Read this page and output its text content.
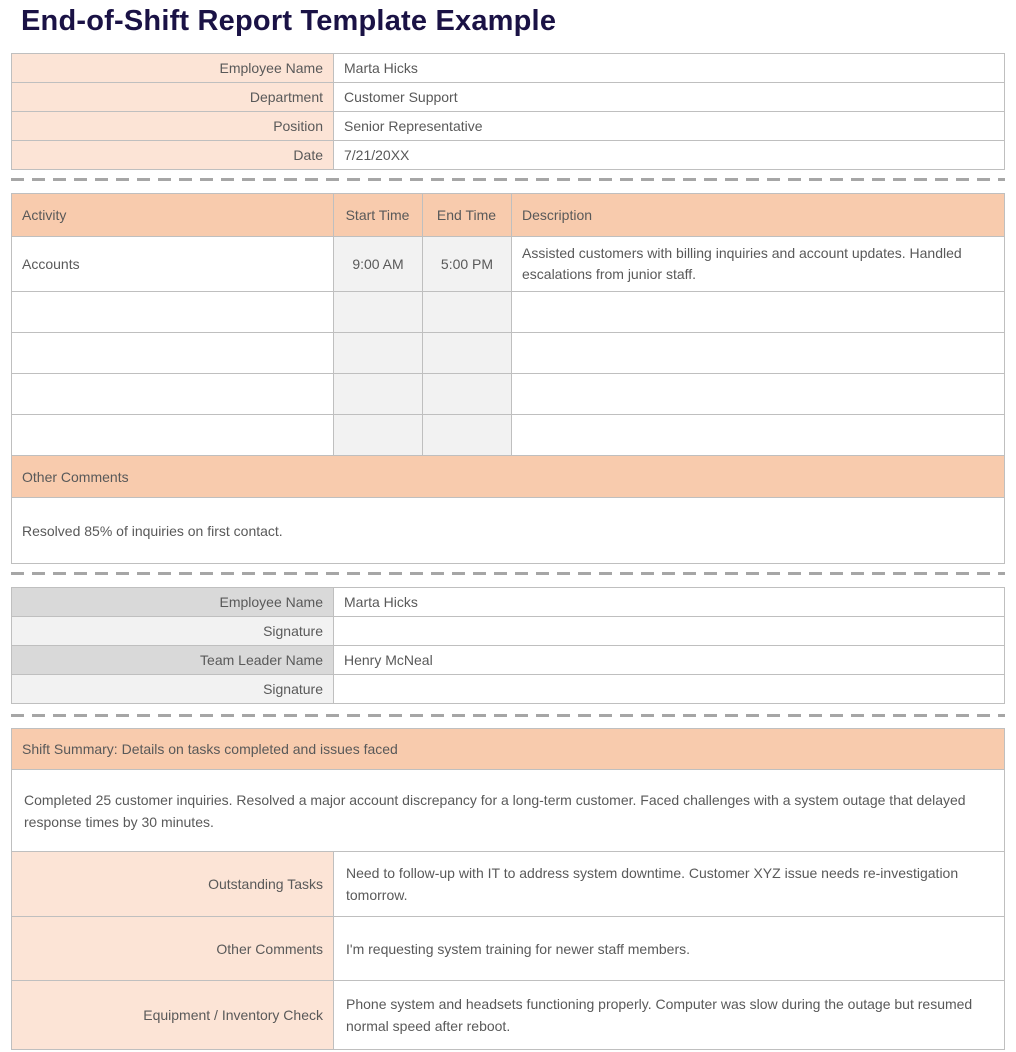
End-of-Shift Report Template Example
Employee Name	Marta Hicks
Department	Customer Support
Position	Senior Representative
Date	7/21/20XX
Activity	Start Time	End Time	Description
Accounts	9:00 AM	5:00 PM	Assisted customers with billing inquiries and account updates. Handled escalations from junior staff.

Other Comments			
Resolved 85% of inquiries on first contact.			
Employee Name	Marta Hicks
Signature	
Team Leader Name	Henry McNeal
Signature	
Shift Summary: Details on tasks completed and issues faced	
Completed 25 customer inquiries. Resolved a major account discrepancy for a long-term customer. Faced challenges with a system outage that delayed response times by 30 minutes.	
Outstanding Tasks	Need to follow-up with IT to address system downtime. Customer XYZ issue needs re-investigation tomorrow.
Other Comments	I'm requesting system training for newer staff members.
Equipment / Inventory Check	Phone system and headsets functioning properly. Computer was slow during the outage but resumed normal speed after reboot.
